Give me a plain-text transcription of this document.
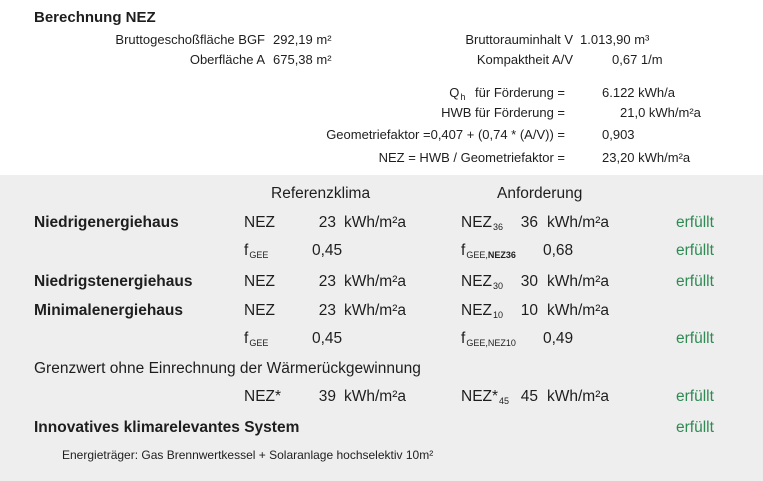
Berechnung NEZ
Bruttogeschoßfläche BGF 292,19 m²	Bruttorauminhalt V 1.013,90 m³
Oberfläche A 675,38 m²	Kompaktheit A/V	0,67 1/m
$Q_h$ für Förderung =	6.122 kWh/a
HWB für Förderung =	21,0 kWh/m²a
Geometriefaktor =0,407 + (0,74 * (A/V)) =	0,903
NEZ = HWB / Geometriefaktor =	23,20 kWh/m²a
Referenzklima	Anforderung
Niedrigenergiehaus	NEZ	23 kWh/m²a	NEZ36 36 kWh/m²a	erfüllt
fGEE	0,45	fGEE,NEZ36 0,68	erfüllt
Niedrigstenergiehaus	NEZ	23 kWh/m²a	NEZ30 30 kWh/m²a	erfüllt
Minimalenergiehaus	NEZ	23 kWh/m²a	NEZ10 10 kWh/m²a
fGEE	0,45	fGEE,NEZ10 0,49	erfüllt
Grenzwert ohne Einrechnung der Wärmerückgewinnung
NEZ* 39 kWh/m²a	NEZ*45 45 kWh/m²a	erfüllt
Innovatives klimarelevantes System	erfüllt
Energieträger: Gas Brennwertkessel + Solaranlage hochselektiv 10m²
